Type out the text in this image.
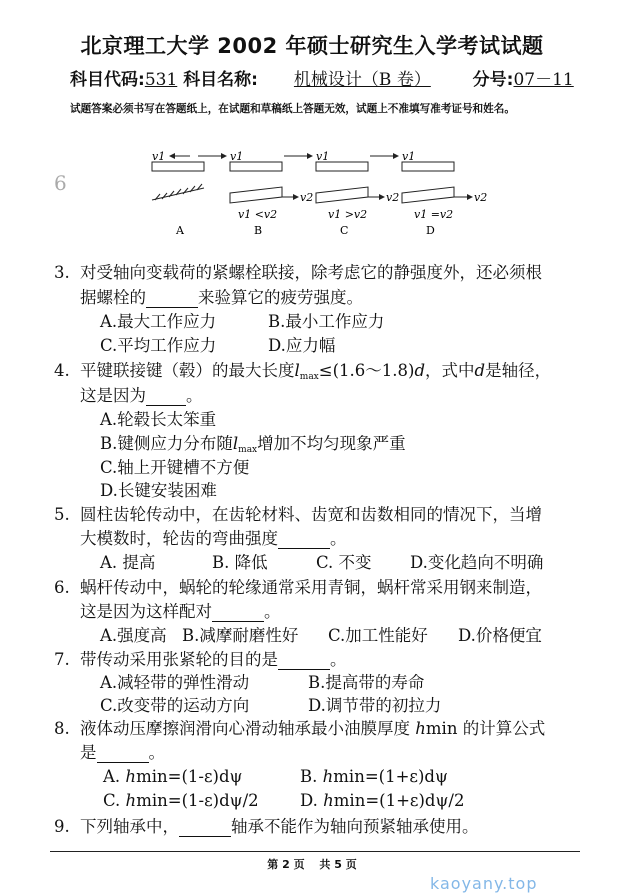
北京理工大学 2002 年硕士研究生入学考试试题
科目代码:531 科目名称: 机械设计（B 卷） 分号:07－11
试题答案必须书写在答题纸上，在试题和草稿纸上答题无效，试题上不准填写准考证号和姓名。
6
v1
A
v1
v2
v1 <v2
B
v1
v2
v1 >v2
C
v1
v2
v1 =v2
D
3. 对受轴向变载荷的紧螺栓联接，除考虑它的静强度外，还必须根
据螺栓的	来验算它的疲劳强度。
A.最大工作应力	B.最小工作应力
C.平均工作应力	D.应力幅
4. 平键联接键（毂）的最大长度lmax≤(1.6～1.8)d，式中d是轴径，
这是因为 。
A.轮毂长太笨重
B.键侧应力分布随lmax增加不均匀现象严重
C.轴上开键槽不方便
D.长键安装困难
5. 圆柱齿轮传动中，在齿轮材料、齿宽和齿数相同的情况下，当增
大模数时，轮齿的弯曲强度	。
A. 提高	B. 降低	C. 不变 D.变化趋向不明确
6. 蜗杆传动中，蜗轮的轮缘通常采用青铜，蜗杆常采用钢来制造，
这是因为这样配对	。
A.强度高 B.减摩耐磨性好 C.加工性能好 D.价格便宜
7. 带传动采用张紧轮的目的是	。
A.减轻带的弹性滑动	B.提高带的寿命
C.改变带的运动方向	D.调节带的初拉力
8. 液体动压摩擦润滑向心滑动轴承最小油膜厚度 hmin 的计算公式
是	。
A. hmin=(1-ε)dψ	B. hmin=(1+ε)dψ
C. hmin=(1-ε)dψ/2	D. hmin=(1+ε)dψ/2
9. 下列轴承中，	轴承不能作为轴向预紧轴承使用。
第 2 页　 共 5 页
kaoyany.top
